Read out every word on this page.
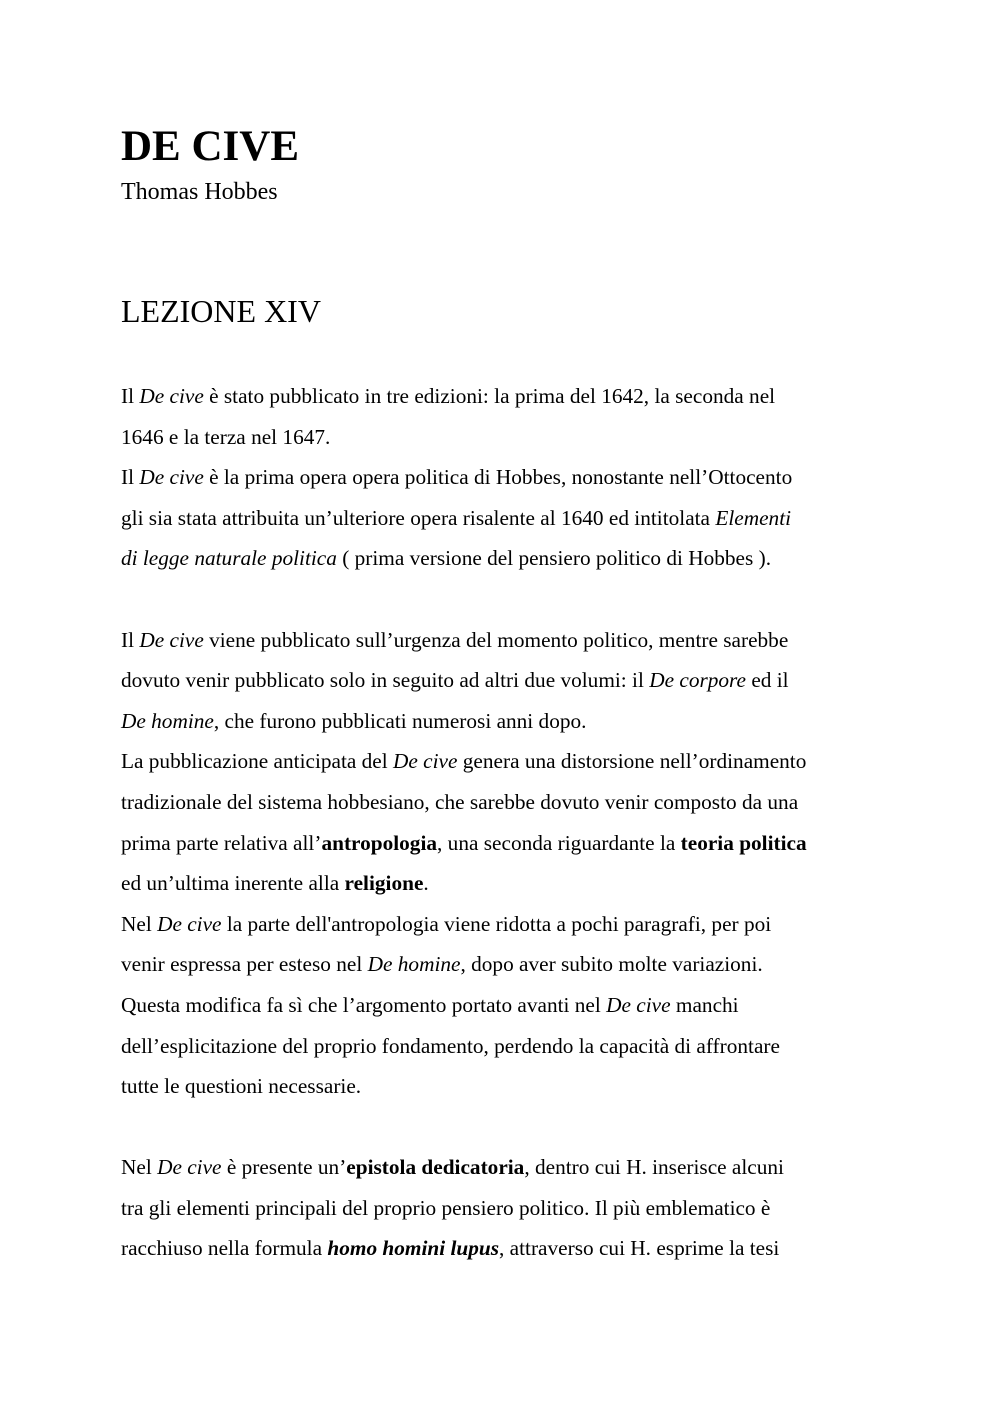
DE CIVE
Thomas Hobbes
LEZIONE XIV
Il De cive è stato pubblicato in tre edizioni: la prima del 1642, la seconda nel
1646 e la terza nel 1647.
Il De cive è la prima opera opera politica di Hobbes, nonostante nell’Ottocento
gli sia stata attribuita un’ulteriore opera risalente al 1640 ed intitolata Elementi
di legge naturale politica ( prima versione del pensiero politico di Hobbes ).
Il De cive viene pubblicato sull’urgenza del momento politico, mentre sarebbe
dovuto venir pubblicato solo in seguito ad altri due volumi: il De corpore ed il
De homine, che furono pubblicati numerosi anni dopo.
La pubblicazione anticipata del De cive genera una distorsione nell’ordinamento
tradizionale del sistema hobbesiano, che sarebbe dovuto venir composto da una
prima parte relativa all’antropologia, una seconda riguardante la teoria politica
ed un’ultima inerente alla religione.
Nel De cive la parte dell'antropologia viene ridotta a pochi paragrafi, per poi
venir espressa per esteso nel De homine, dopo aver subito molte variazioni.
Questa modifica fa sì che l’argomento portato avanti nel De cive manchi
dell’esplicitazione del proprio fondamento, perdendo la capacità di affrontare
tutte le questioni necessarie.
Nel De cive è presente un’epistola dedicatoria, dentro cui H. inserisce alcuni
tra gli elementi principali del proprio pensiero politico. Il più emblematico è
racchiuso nella formula homo homini lupus, attraverso cui H. esprime la tesi
